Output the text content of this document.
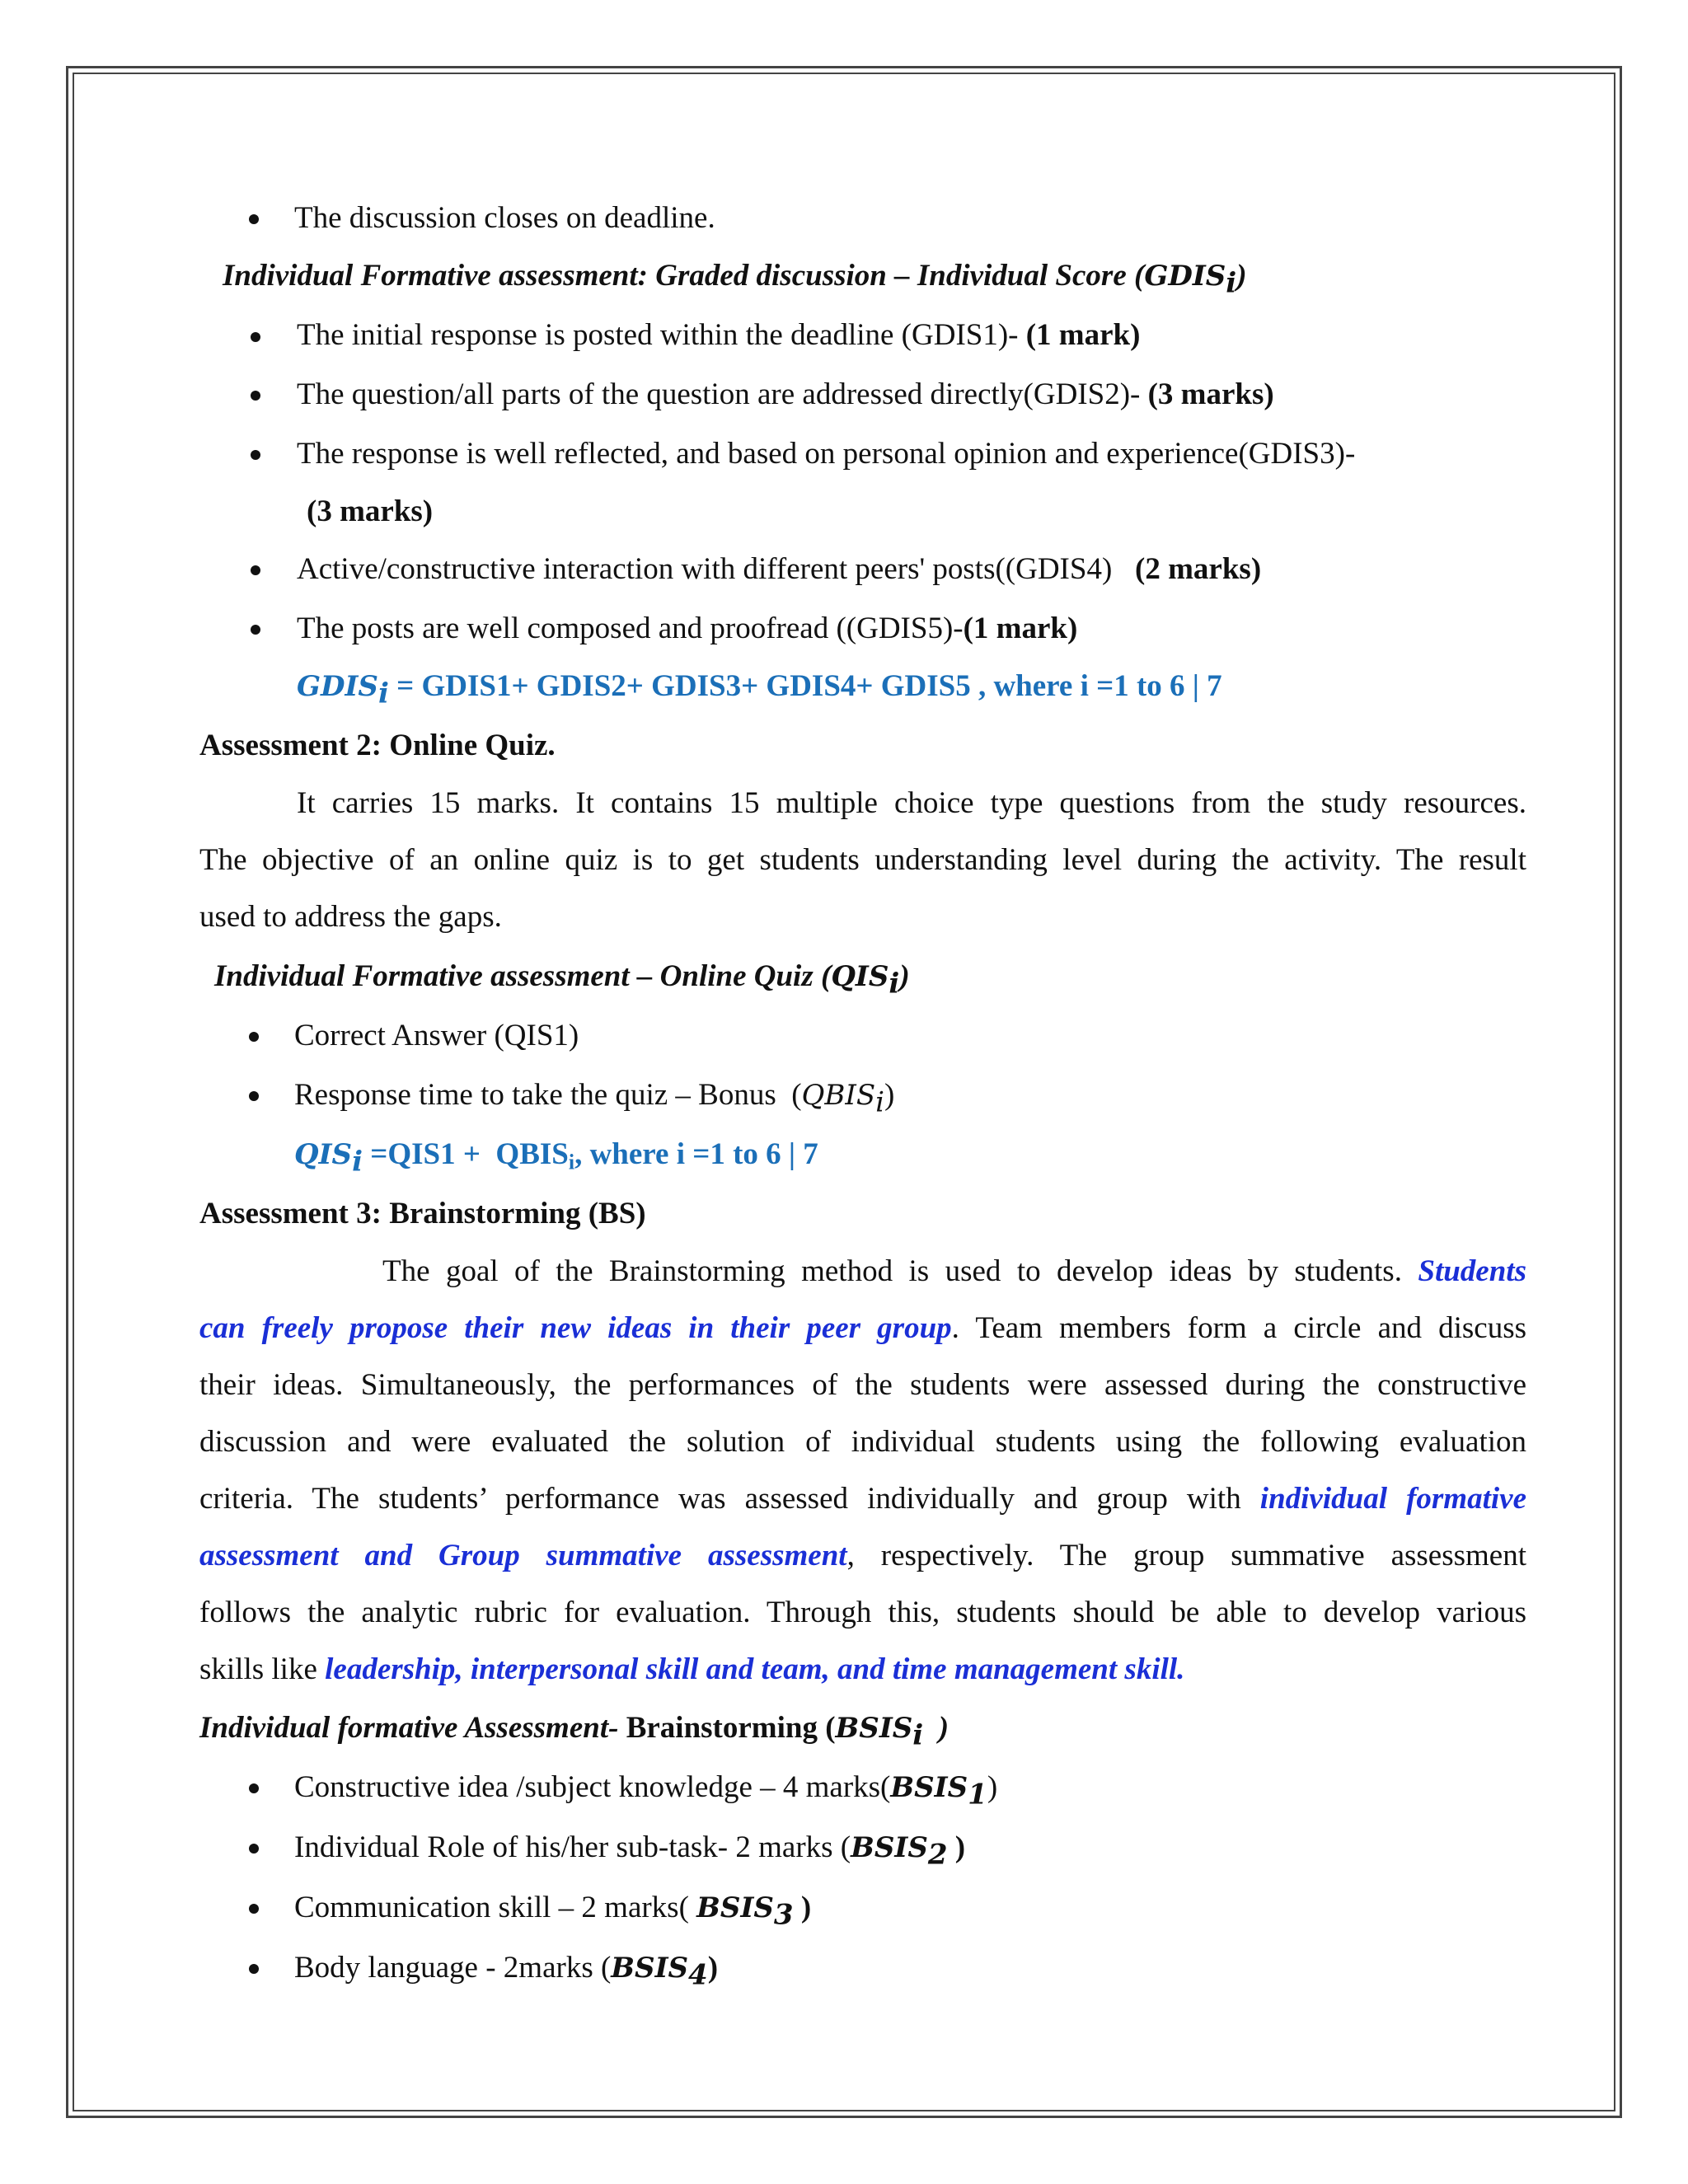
The discussion closes on deadline.
Individual Formative assessment: Graded discussion – Individual Score $(GDIS_i)$
The initial response is posted within the deadline (GDIS1)- (1 mark)
The question/all parts of the question are addressed directly(GDIS2)- (3 marks)
The response is well reflected, and based on personal opinion and experience(GDIS3)-
(3 marks)
Active/constructive interaction with different peers' posts((GDIS4)   (2 marks)
The posts are well composed and proofread ((GDIS5)-(1 mark)
$GDIS_i$ = GDIS1+ GDIS2+ GDIS3+ GDIS4+ GDIS5 , where i =1 to 6 | 7
Assessment 2: Online Quiz.
It carries 15 marks. It contains 15 multiple choice type questions from the study resources.
The objective of an online quiz is to get students understanding level during the activity. The result
used to address the gaps.
Individual Formative assessment – Online Quiz $(QIS_i)$
Correct Answer (QIS1)
Response time to take the quiz – Bonus  $(QBIS_i)$
$QIS_i =QIS1$ +  $QBIS_i$, where i =1 to 6 | 7
Assessment 3: Brainstorming (BS)
The goal of the Brainstorming method is used to develop ideas by students. Students
can freely propose their new ideas in their peer group. Team members form a circle and discuss
their ideas. Simultaneously, the performances of the students were assessed during the constructive
discussion and were evaluated the solution of individual students using the following evaluation
criteria. The students’ performance was assessed individually and group with individual formative
assessment and Group summative assessment, respectively. The group summative assessment
follows the analytic rubric for evaluation. Through this, students should be able to develop various
skills like leadership, interpersonal skill and team, and time management skill.
Individual formative Assessment- Brainstorming ($BSIS_i$  )
Constructive idea /subject knowledge – 4 $marks(BSIS_1)$
Individual Role of his/her sub-task- 2 marks ($BSIS_2$ )
Communication skill – 2 marks( $BSIS_3$ )
Body language - 2marks $(BSIS_4)$
